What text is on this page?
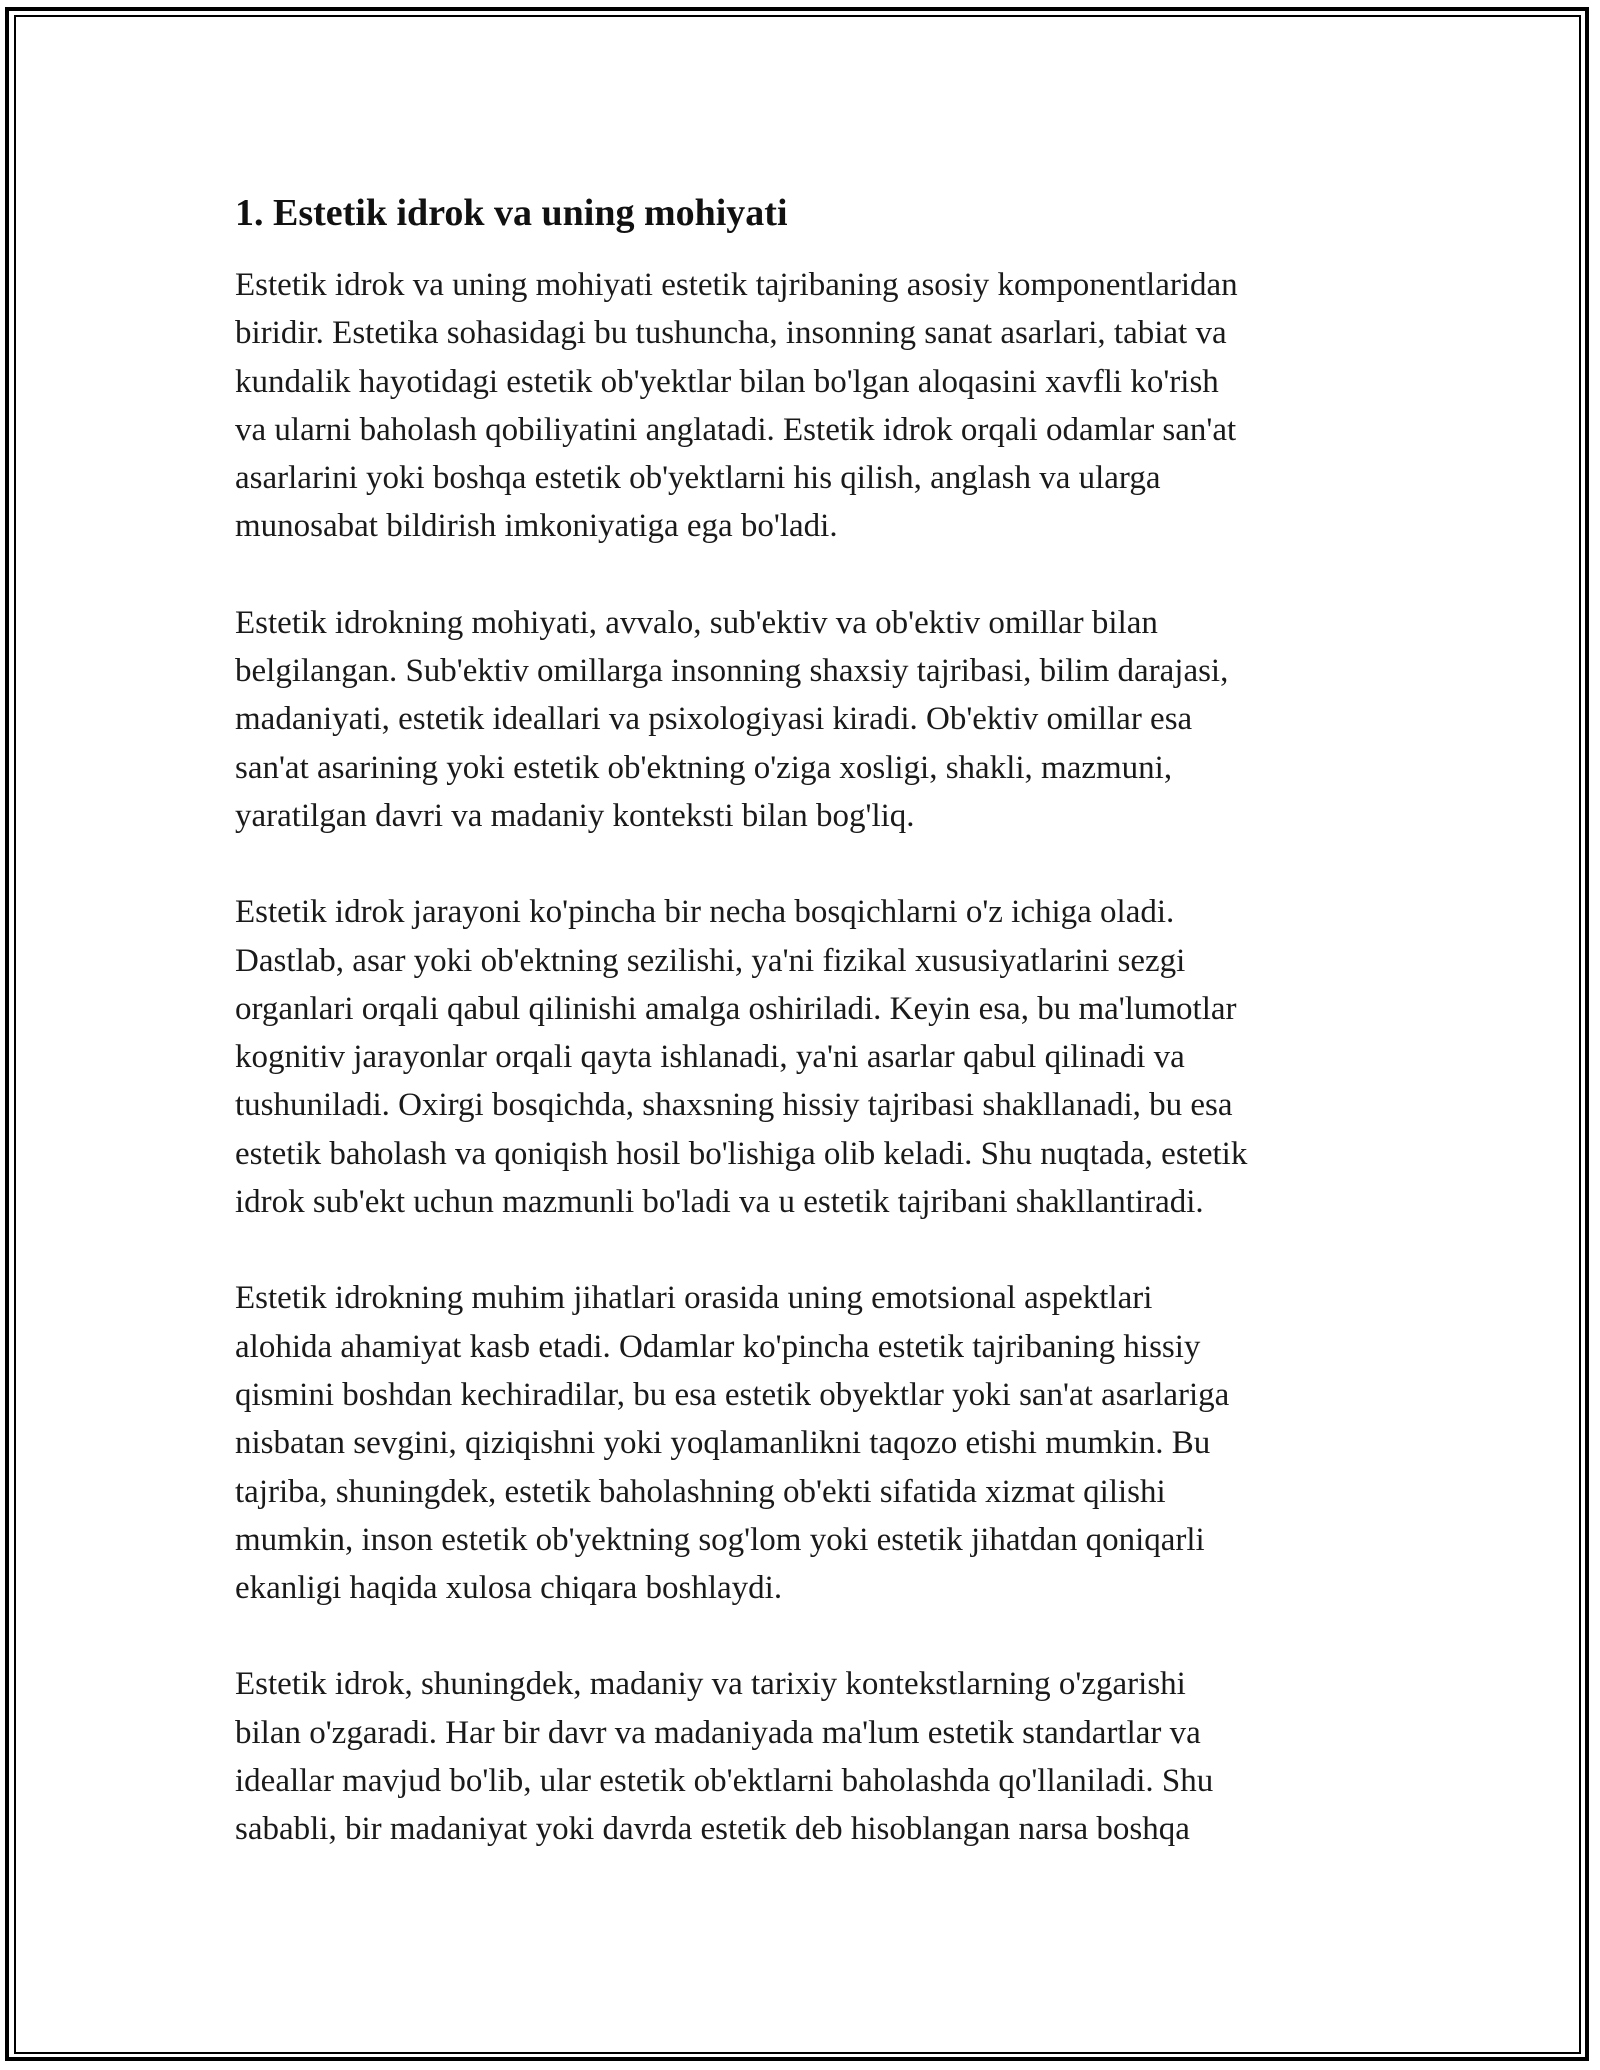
1. Estetik idrok va uning mohiyati

Estetik idrok va uning mohiyati estetik tajribaning asosiy komponentlaridan
biridir. Estetika sohasidagi bu tushuncha, insonning sanat asarlari, tabiat va
kundalik hayotidagi estetik ob'yektlar bilan bo'lgan aloqasini xavfli ko'rish
va ularni baholash qobiliyatini anglatadi. Estetik idrok orqali odamlar san'at
asarlarini yoki boshqa estetik ob'yektlarni his qilish, anglash va ularga
munosabat bildirish imkoniyatiga ega bo'ladi.

Estetik idrokning mohiyati, avvalo, sub'ektiv va ob'ektiv omillar bilan
belgilangan. Sub'ektiv omillarga insonning shaxsiy tajribasi, bilim darajasi,
madaniyati, estetik ideallari va psixologiyasi kiradi. Ob'ektiv omillar esa
san'at asarining yoki estetik ob'ektning o'ziga xosligi, shakli, mazmuni,
yaratilgan davri va madaniy konteksti bilan bog'liq.

Estetik idrok jarayoni ko'pincha bir necha bosqichlarni o'z ichiga oladi.
Dastlab, asar yoki ob'ektning sezilishi, ya'ni fizikal xususiyatlarini sezgi
organlari orqali qabul qilinishi amalga oshiriladi. Keyin esa, bu ma'lumotlar
kognitiv jarayonlar orqali qayta ishlanadi, ya'ni asarlar qabul qilinadi va
tushuniladi. Oxirgi bosqichda, shaxsning hissiy tajribasi shakllanadi, bu esa
estetik baholash va qoniqish hosil bo'lishiga olib keladi. Shu nuqtada, estetik
idrok sub'ekt uchun mazmunli bo'ladi va u estetik tajribani shakllantiradi.

Estetik idrokning muhim jihatlari orasida uning emotsional aspektlari
alohida ahamiyat kasb etadi. Odamlar ko'pincha estetik tajribaning hissiy
qismini boshdan kechiradilar, bu esa estetik obyektlar yoki san'at asarlariga
nisbatan sevgini, qiziqishni yoki yoqlamanlikni taqozo etishi mumkin. Bu
tajriba, shuningdek, estetik baholashning ob'ekti sifatida xizmat qilishi
mumkin, inson estetik ob'yektning sog'lom yoki estetik jihatdan qoniqarli
ekanligi haqida xulosa chiqara boshlaydi.

Estetik idrok, shuningdek, madaniy va tarixiy kontekstlarning o'zgarishi
bilan o'zgaradi. Har bir davr va madaniyada ma'lum estetik standartlar va
ideallar mavjud bo'lib, ular estetik ob'ektlarni baholashda qo'llaniladi. Shu
sababli, bir madaniyat yoki davrda estetik deb hisoblangan narsa boshqa
